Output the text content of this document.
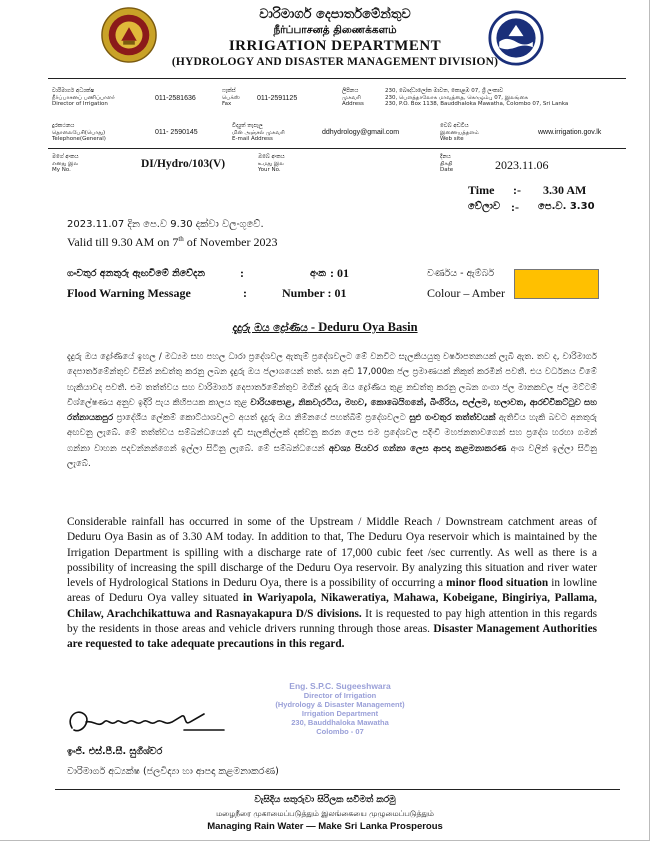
වාරිමාර්ග දෙපාර්තමේන්තුව
நீர்ப்பாசனத் திணைக்களம்
IRRIGATION DEPARTMENT
(HYDROLOGY AND DISASTER MANAGEMENT DIVISION)
වාරිමාර්ග අධ්‍යක්ෂ
நீர்ப்பாசனப் பணிப்பாளர்
Director of Irrigation
011-2581636
ෆැක්ස්
பெக்ஸ்
Fax
011-2591125
ලිපිනය
முகவரி
Address
230, බෞද්ධාලෝක මාවත, කොළඹ 07, ශ්‍රී ලංකාව
230, பௌத்தாலோக மாவத்தை, கொழும்பு 07, இலங்கை
230, P.O. Box 1138, Bauddhaloka Mawatha, Colombo 07, Sri Lanka
දුරකථනය
தொலைபேசி(பொது)
Telephone(General)
011- 2590145
විද්‍යුත් තැපෑල
மின் அஞ்சல் முகவரி
E-mail Address
ddhydrology@gmail.com
වෙබ් අඩවිය
இணையத்தளம்
Web site
www.irrigation.gov.lk
මගේ අංකය
எனது இல
My No.	DI/Hydro/103(V)
ඔබේ අංකය
உமது இல
Your No.
දිනය
திகதி
Date	2023.11.06
Time :- 3.30 AM
වේලාව :- පෙ.ව. 3.30
2023.11.07 දින පෙ.ව 9.30 දක්වා වලංගුවේ.
Valid till 9.30 AM on 7th of November 2023
ගංවතුර අනතුරු ඇඟවීමේ නිවේදන	:	අංක : 01	වර්ණය - ඇම්බර්
Flood Warning Message	:	Number : 01	Colour – Amber
දැදුරු ඔය ද්‍රෝණිය - Deduru Oya Basin
දැදුරු ඔය ද්‍රෝණියේ ඉහල / මධ්‍යම සහ පහල ධාරා ප්‍රදේශවල ඇතැම් ප්‍රදේශවලට මේ වනවිට සැලකියයුතු වර්ෂාපතනයක් ලැබී ඇත. තව ද, වාරිමාර්ග දෙපාර්තමේන්තුව විසින් නඩත්තු කරනු ලබන දැදුරු ඔය ජලාශයෙන් තත්. ඝන අඩි 17,000ක ජල ප්‍රමාණයක් නිකුත් කරමින් පවතී. එය වර්ධනය වීමේ හැකියාවද පවතී. එම තත්ත්වය සහ වාරිමාර්ග දෙපාර්තමේන්තුව මගින් දැදුරු ඔය ද්‍රෝණිය තුළ නඩත්තු කරනු ලබන ගංගා ජල මානකවල ජල මට්ටම් විශ්ලේෂණය අනුව ඉදිරි පැය කිහිපයක කාලය තුළ වාරියපොළ, නිකවැරටිය, මහව, කොබෙයිගනේ, බිංගිරිය, පල්ලම, හලාවත, ආරච්චිකට්ටුව සහ රත්නායකපුර ප්‍රාදේශීය ලේකම් කොට්ඨාශවලට අයත් දැදුරු ඔය නිම්නයේ පහත්බිම් ප්‍රදේශවලට සුළු ගංවතුර තත්ත්වයක් ඇතිවිය හැකි බවට අනතුරු අඟවනු ලැබේ. මේ තත්ත්වය සම්බන්ධයෙන් දැඩි සැලකිල්ලක් දක්වනු කරන ලෙස එම ප්‍රදේශවල පදිංචි මහජනතාවගෙන් සහ ප්‍රදේශ හරහා ගමන් ගන්නා වාහන පදවන්නන්ගෙන් ඉල්ලා සිටිනු ලැබේ. මේ සම්බන්ධයෙන් අවශ්‍ය පියවර ගන්නා ලෙස ආපදා කළමනාකරණ අංශ වලින් ඉල්ලා සිටිනු ලැබේ.
Considerable rainfall has occurred in some of the Upstream / Middle Reach / Downstream catchment areas of Deduru Oya Basin as of 3.30 AM today. In addition to that, The Deduru Oya reservoir which is maintained by the Irrigation Department is spilling with a discharge rate of 17,000 cubic feet /sec currently. As well as there is a possibility of increasing the spill discharge of the Deduru Oya reservoir. By analyzing this situation and river water levels of Hydrological Stations in Deduru Oya, there is a possibility of occurring a minor flood situation in lowline areas of Deduru Oya valley situated in Wariyapola, Nikaweratiya, Mahawa, Kobeigane, Bingiriya, Pallama, Chilaw, Arachchikattuwa and Rasnayakapura D/S divisions. It is requested to pay high attention in this regards by the residents in those areas and vehicle drivers running through those areas. Disaster Management Authorities are requested to take adequate precautions in this regard.
Eng. S.P.C. Sugeeshwara
Director of Irrigation
(Hydrology & Disaster Management)
Irrigation Department
230, Bauddhaloka Mawatha
Colombo - 07
ඉංජි. එස්.පී.සී. සුගීශ්වර
වාරිමාර්ග අධ්‍යක්ෂ (ජලවිද්‍යා හා ආපදා කළමනාකරණ)
වැසිදිය සතුරුවා සිරිලක සවිමත් කරමු
மழைநீரை முகாமைப்படுத்தும் இலங்கையை முழுமைப்படுத்தும்
Managing Rain Water — Make Sri Lanka Prosperous
